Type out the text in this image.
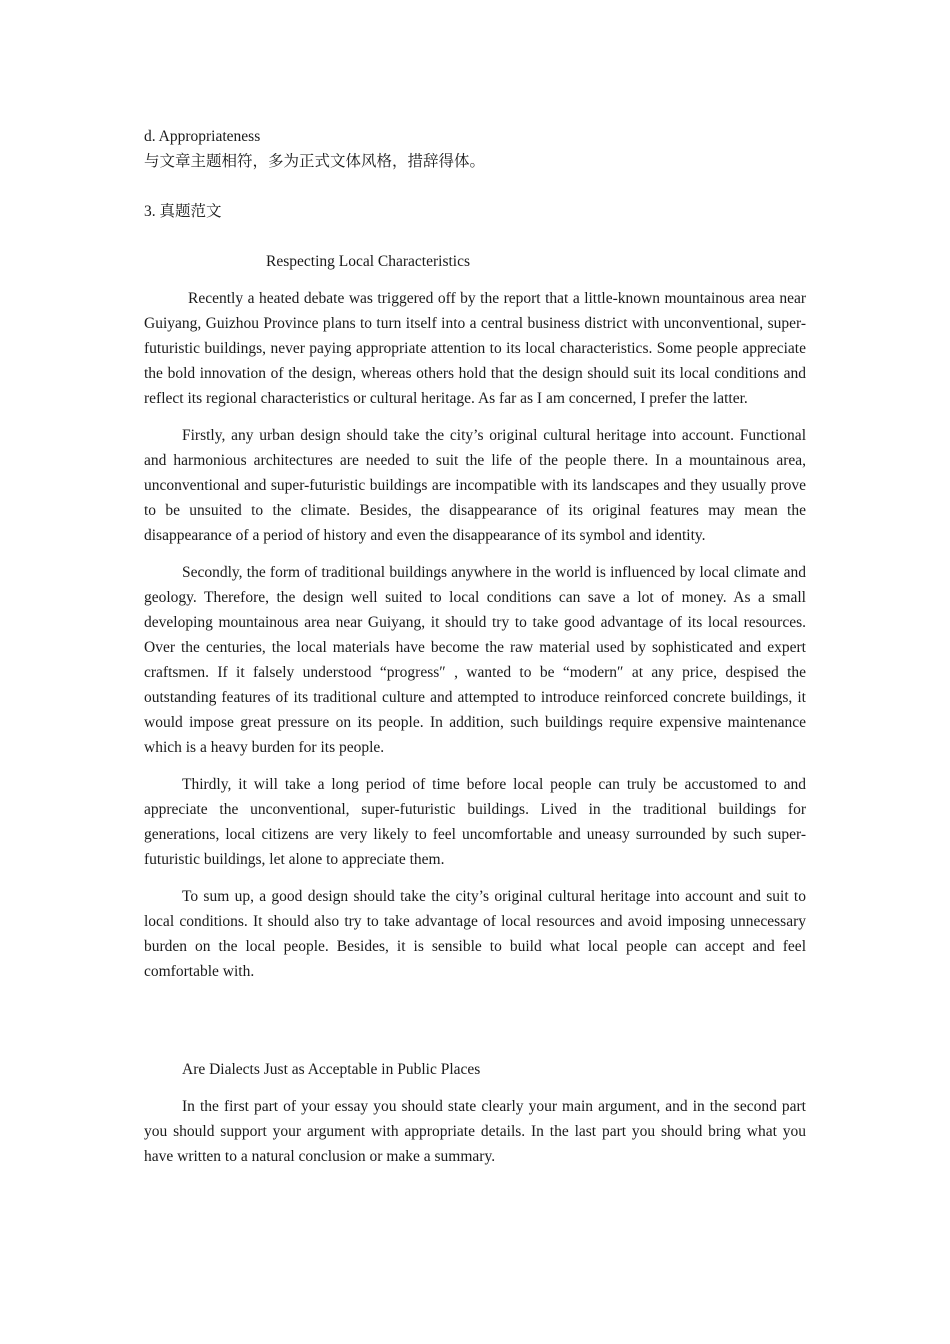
d. Appropriateness

与文章主题相符，多为正式文体风格，措辞得体。

3. 真题范文

Respecting Local Characteristics

Recently a heated debate was triggered off by the report that a little-known mountainous area near Guiyang, Guizhou Province plans to turn itself into a central business district with unconventional, super-futuristic buildings, never paying appropriate attention to its local characteristics. Some people appreciate the bold innovation of the design, whereas others hold that the design should suit its local conditions and reflect its regional characteristics or cultural heritage. As far as I am concerned, I prefer the latter.

Firstly, any urban design should take the city’s original cultural heritage into account. Functional and harmonious architectures are needed to suit the life of the people there. In a mountainous area, unconventional and super-futuristic buildings are incompatible with its landscapes and they usually prove to be unsuited to the climate. Besides, the disappearance of its original features may mean the disappearance of a period of history and even the disappearance of its symbol and identity.

Secondly, the form of traditional buildings anywhere in the world is influenced by local climate and geology. Therefore, the design well suited to local conditions can save a lot of money. As a small developing mountainous area near Guiyang, it should try to take good advantage of its local resources. Over the centuries, the local materials have become the raw material used by sophisticated and expert craftsmen. If it falsely understood “progress″ , wanted to be “modern″ at any price, despised the outstanding features of its traditional culture and attempted to introduce reinforced concrete buildings, it would impose great pressure on its people. In addition, such buildings require expensive maintenance which is a heavy burden for its people.

Thirdly, it will take a long period of time before local people can truly be accustomed to and appreciate the unconventional, super-futuristic buildings. Lived in the traditional buildings for generations, local citizens are very likely to feel uncomfortable and uneasy surrounded by such super-futuristic buildings, let alone to appreciate them.

To sum up, a good design should take the city’s original cultural heritage into account and suit to local conditions. It should also try to take advantage of local resources and avoid imposing unnecessary burden on the local people. Besides, it is sensible to build what local people can accept and feel comfortable with.

Are Dialects Just as Acceptable in Public Places

In the first part of your essay you should state clearly your main argument, and in the second part you should support your argument with appropriate details. In the last part you should bring what you have written to a natural conclusion or make a summary.
